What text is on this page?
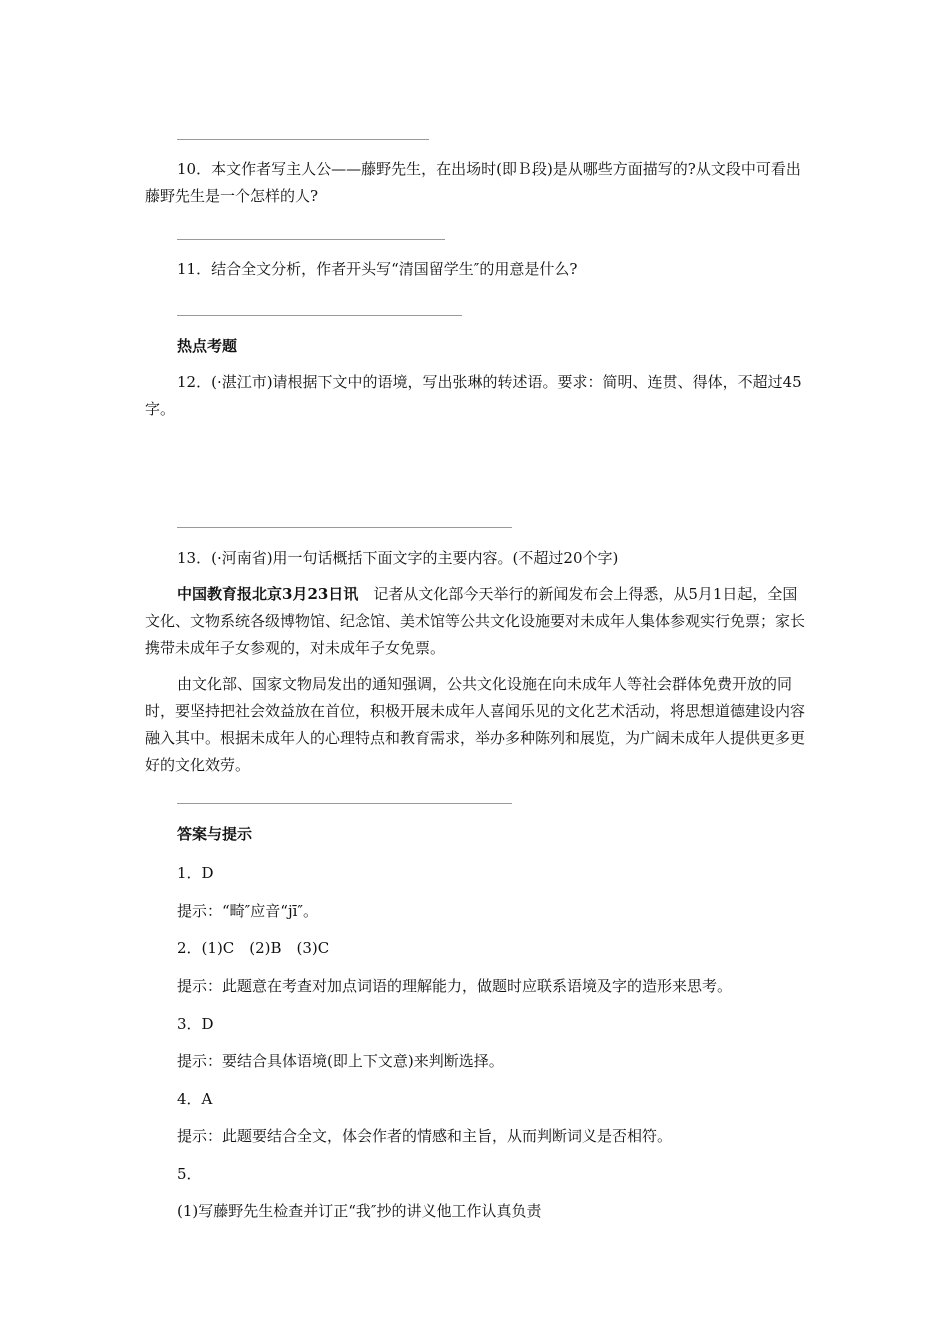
10．本文作者写主人公——藤野先生，在出场时(即Ｂ段)是从哪些方面描写的?从文段中可看出藤野先生是一个怎样的人?

11．结合全文分析，作者开头写“清国留学生″的用意是什么?

热点考题

12．(·湛江市)请根据下文中的语境，写出张琳的转述语。要求：简明、连贯、得体，不超过45字。

13．(·河南省)用一句话概括下面文字的主要内容。(不超过20个字)

中国教育报北京3月23日讯　记者从文化部今天举行的新闻发布会上得悉，从5月1日起，全国文化、文物系统各级博物馆、纪念馆、美术馆等公共文化设施要对未成年人集体参观实行免票；家长携带未成年子女参观的，对未成年子女免票。

由文化部、国家文物局发出的通知强调，公共文化设施在向未成年人等社会群体免费开放的同时，要坚持把社会效益放在首位，积极开展未成年人喜闻乐见的文化艺术活动，将思想道德建设内容融入其中。根据未成年人的心理特点和教育需求，举办多种陈列和展览，为广阔未成年人提供更多更好的文化效劳。

答案与提示

1．D

提示：“畸″应音“jī″。

2．(1)C　(2)B　(3)C

提示：此题意在考查对加点词语的理解能力，做题时应联系语境及字的造形来思考。

3．D

提示：要结合具体语境(即上下文意)来判断选择。

4．A

提示：此题要结合全文，体会作者的情感和主旨，从而判断词义是否相符。

5．

(1)写藤野先生检查并订正“我″抄的讲义他工作认真负责
